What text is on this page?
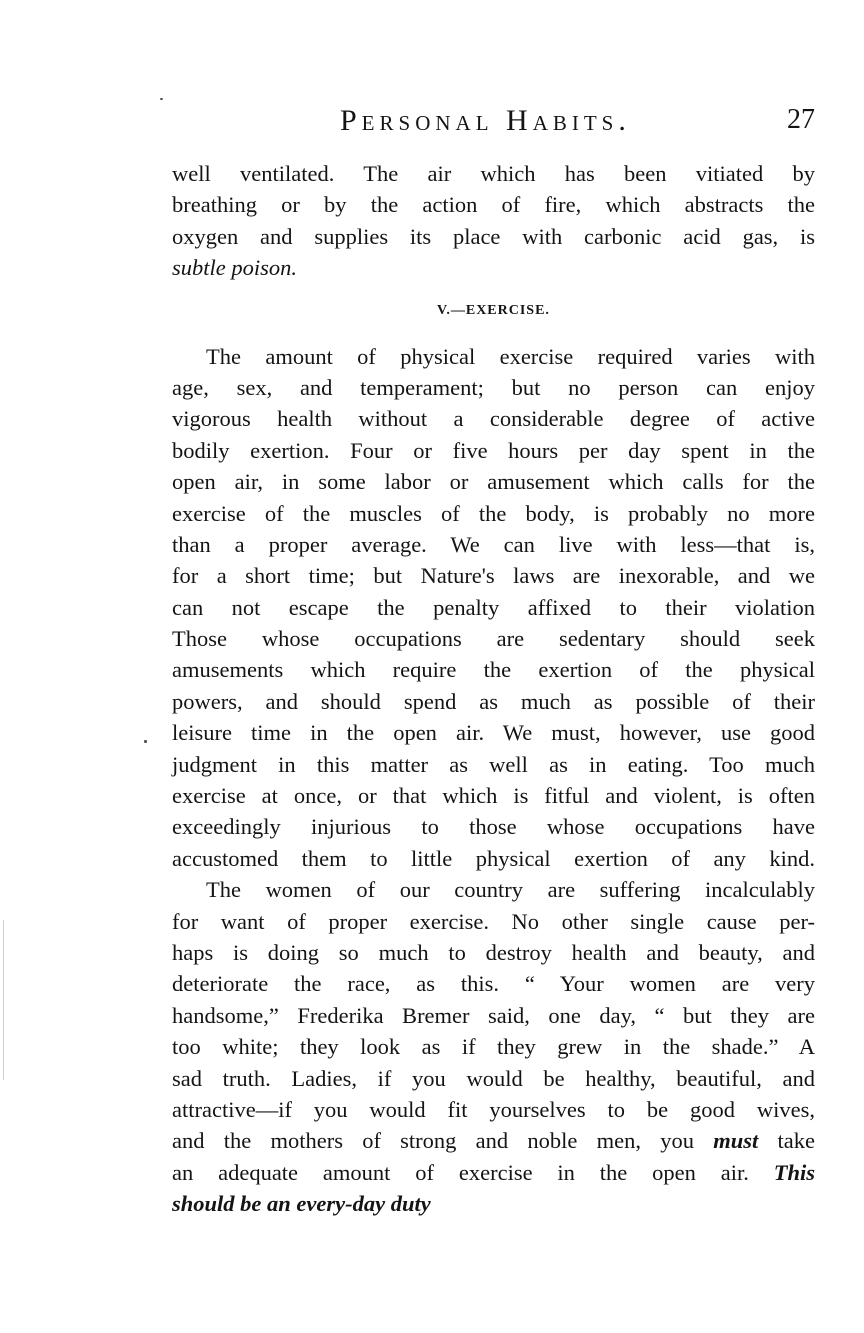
Personal Habits.	27
well ventilated. The air which has been vitiated by
breathing or by the action of fire, which abstracts the
oxygen and supplies its place with carbonic acid gas, is
subtle poison.
V.—EXERCISE.
The amount of physical exercise required varies with
age, sex, and temperament; but no person can enjoy
vigorous health without a considerable degree of active
bodily exertion. Four or five hours per day spent in the
open air, in some labor or amusement which calls for the
exercise of the muscles of the body, is probably no more
than a proper average. We can live with less—that is,
for a short time; but Nature's laws are inexorable, and we
can not escape the penalty affixed to their violation
Those whose occupations are sedentary should seek
amusements which require the exertion of the physical
powers, and should spend as much as possible of their
leisure time in the open air. We must, however, use good
judgment in this matter as well as in eating. Too much
exercise at once, or that which is fitful and violent, is often
exceedingly injurious to those whose occupations have
accustomed them to little physical exertion of any kind.
The women of our country are suffering incalculably
for want of proper exercise. No other single cause per-
haps is doing so much to destroy health and beauty, and
deteriorate the race, as this. “ Your women are very
handsome,” Frederika Bremer said, one day, “ but they are
too white; they look as if they grew in the shade.” A
sad truth. Ladies, if you would be healthy, beautiful, and
attractive—if you would fit yourselves to be good wives,
and the mothers of strong and noble men, you must take
an adequate amount of exercise in the open air. This
should be an every-day duty
